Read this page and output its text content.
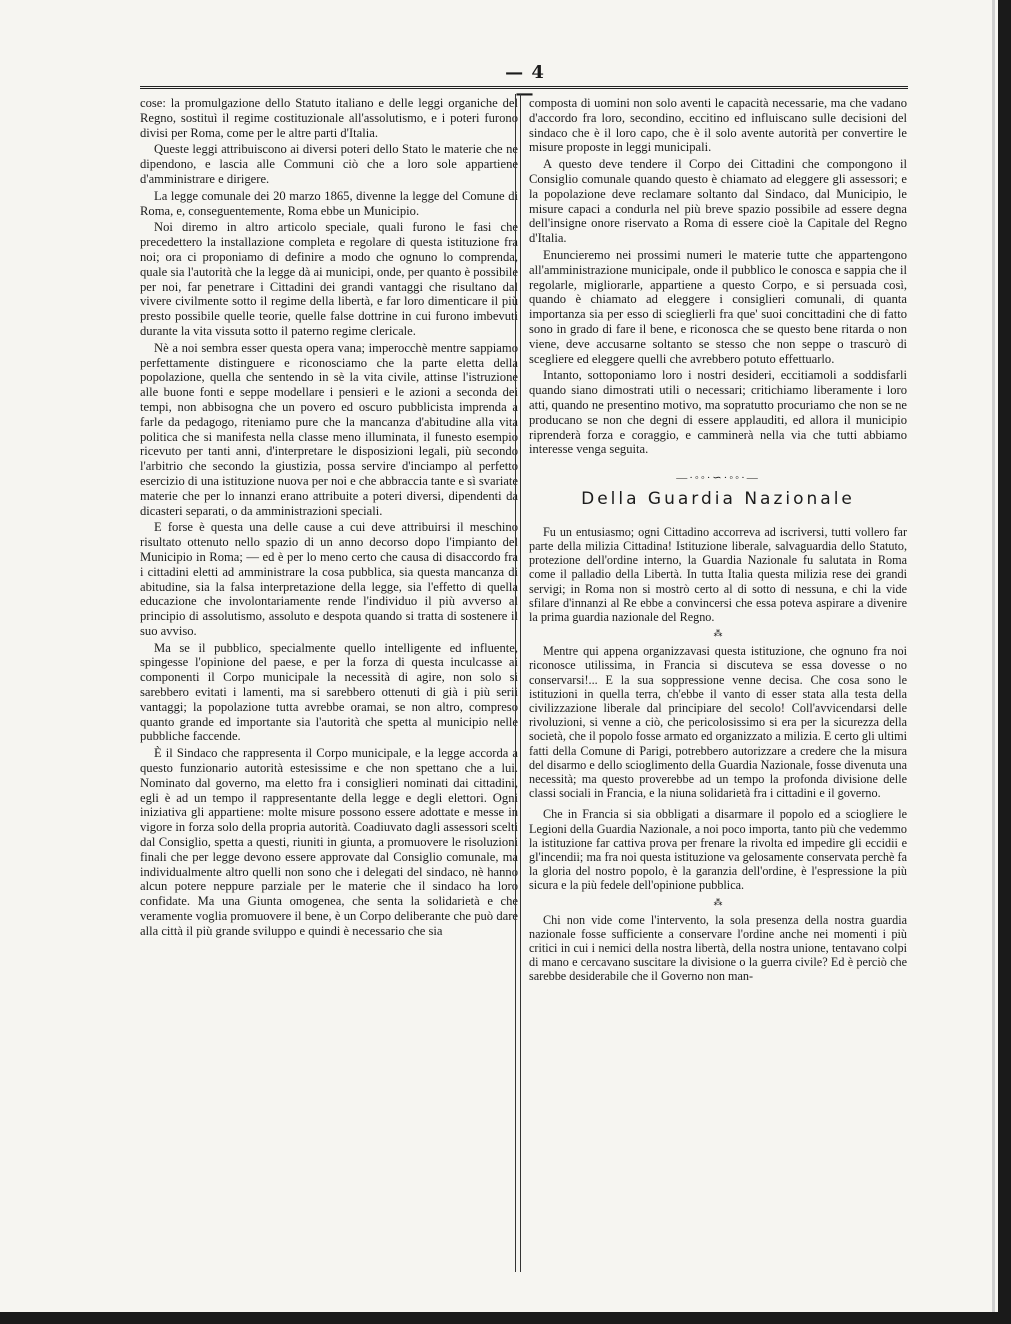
— 4 —

cose: la promulgazione dello Statuto italiano e delle leggi organiche del Regno, sostituì il regime costituzionale all'assolutismo, e i poteri furono divisi per Roma, come per le altre parti d'Italia.

Queste leggi attribuiscono ai diversi poteri dello Stato le materie che ne dipendono, e lascia alle Communi ciò che a loro sole appartiene d'amministrare e dirigere.

La legge comunale dei 20 marzo 1865, divenne la legge del Comune di Roma, e, conseguentemente, Roma ebbe un Municipio.

Noi diremo in altro articolo speciale, quali furono le fasi che precedettero la installazione completa e regolare di questa istituzione fra noi; ora ci proponiamo di definire a modo che ognuno lo comprenda, quale sia l'autorità che la legge dà ai municipi, onde, per quanto è possibile per noi, far penetrare i Cittadini dei grandi vantaggi che risultano dal vivere civilmente sotto il regime della libertà, e far loro dimenticare il più presto possibile quelle teorie, quelle false dottrine in cui furono imbevuti durante la vita vissuta sotto il paterno regime clericale.

Nè a noi sembra esser questa opera vana; imperocchè mentre sappiamo perfettamente distinguere e riconosciamo che la parte eletta della popolazione, quella che sentendo in sè la vita civile, attinse l'istruzione alle buone fonti e seppe modellare i pensieri e le azioni a seconda dei tempi, non abbisogna che un povero ed oscuro pubblicista imprenda a farle da pedagogo, riteniamo pure che la mancanza d'abitudine alla vita politica che si manifesta nella classe meno illuminata, il funesto esempio ricevuto per tanti anni, d'interpretare le disposizioni legali, più secondo l'arbitrio che secondo la giustizia, possa servire d'inciampo al perfetto esercizio di una istituzione nuova per noi e che abbraccia tante e sì svariate materie che per lo innanzi erano attribuite a poteri diversi, dipendenti da dicasteri separati, o da amministrazioni speciali.

E forse è questa una delle cause a cui deve attribuirsi il meschino risultato ottenuto nello spazio di un anno decorso dopo l'impianto del Municipio in Roma; — ed è per lo meno certo che causa di disaccordo fra i cittadini eletti ad amministrare la cosa pubblica, sia questa mancanza di abitudine, sia la falsa interpretazione della legge, sia l'effetto di quella educazione che involontariamente rende l'individuo il più avverso al principio di assolutismo, assoluto e despota quando si tratta di sostenere il suo avviso.

Ma se il pubblico, specialmente quello intelligente ed influente, spingesse l'opinione del paese, e per la forza di questa inculcasse ai componenti il Corpo municipale la necessità di agire, non solo si sarebbero evitati i lamenti, ma si sarebbero ottenuti di già i più serii vantaggi; la popolazione tutta avrebbe oramai, se non altro, compreso quanto grande ed importante sia l'autorità che spetta al municipio nelle pubbliche faccende.

È il Sindaco che rappresenta il Corpo municipale, e la legge accorda a questo funzionario autorità estesissime e che non spettano che a lui. Nominato dal governo, ma eletto fra i consiglieri nominati dai cittadini, egli è ad un tempo il rappresentante della legge e degli elettori. Ogni iniziativa gli appartiene: molte misure possono essere adottate e messe in vigore in forza solo della propria autorità. Coadiuvato dagli assessori scelti dal Consiglio, spetta a questi, riuniti in giunta, a promuovere le risoluzioni finali che per legge devono essere approvate dal Consiglio comunale, ma individualmente altro quelli non sono che i delegati del sindaco, nè hanno alcun potere neppure parziale per le materie che il sindaco ha loro confidate. Ma una Giunta omogenea, che senta la solidarietà e che veramente voglia promuovere il bene, è un Corpo deliberante che può dare alla città il più grande sviluppo e quindi è necessario che sia

composta di uomini non solo aventi le capacità necessarie, ma che vadano d'accordo fra loro, secondino, eccitino ed influiscano sulle decisioni del sindaco che è il loro capo, che è il solo avente autorità per convertire le misure proposte in leggi municipali.

A questo deve tendere il Corpo dei Cittadini che compongono il Consiglio comunale quando questo è chiamato ad eleggere gli assessori; e la popolazione deve reclamare soltanto dal Sindaco, dal Municipio, le misure capaci a condurla nel più breve spazio possibile ad essere degna dell'insigne onore riservato a Roma di essere cioè la Capitale del Regno d'Italia.

Enuncieremo nei prossimi numeri le materie tutte che appartengono all'amministrazione municipale, onde il pubblico le conosca e sappia che il regolarle, migliorarle, appartiene a questo Corpo, e si persuada così, quando è chiamato ad eleggere i consiglieri comunali, di quanta importanza sia per esso di scieglierli fra que' suoi concittadini che di fatto sono in grado di fare il bene, e riconosca che se questo bene ritarda o non viene, deve accusarne soltanto se stesso che non seppe o trascurò di scegliere ed eleggere quelli che avrebbero potuto effettuarlo.

Intanto, sottoponiamo loro i nostri desideri, eccitiamoli a soddisfarli quando siano dimostrati utili o necessari; critichiamo liberamente i loro atti, quando ne presentino motivo, ma sopratutto procuriamo che non se ne producano se non che degni di essere applauditi, ed allora il municipio riprenderà forza e coraggio, e camminerà nella via che tutti abbiamo interesse venga seguita.

—·◦◦·∽·◦◦·—
Della Guardia Nazionale

Fu un entusiasmo; ogni Cittadino accorreva ad iscriversi, tutti vollero far parte della milizia Cittadina! Istituzione liberale, salvaguardia dello Statuto, protezione dell'ordine interno, la Guardia Nazionale fu salutata in Roma come il palladio della Libertà. In tutta Italia questa milizia rese dei grandi servigi; in Roma non si mostrò certo al di sotto di nessuna, e chi la vide sfilare d'innanzi al Re ebbe a convincersi che essa poteva aspirare a divenire la prima guardia nazionale del Regno.

⁂

Mentre qui appena organizzavasi questa istituzione, che ognuno fra noi riconosce utilissima, in Francia si discuteva se essa dovesse o no conservarsi!... E la sua soppressione venne decisa. Che cosa sono le istituzioni in quella terra, ch'ebbe il vanto di esser stata alla testa della civilizzazione liberale dal principiare del secolo! Coll'avvicendarsi delle rivoluzioni, si venne a ciò, che pericolosissimo si era per la sicurezza della società, che il popolo fosse armato ed organizzato a milizia. E certo gli ultimi fatti della Comune di Parigi, potrebbero autorizzare a credere che la misura del disarmo e dello scioglimento della Guardia Nazionale, fosse divenuta una necessità; ma questo proverebbe ad un tempo la profonda divisione delle classi sociali in Francia, e la niuna solidarietà fra i cittadini e il governo.

Che in Francia si sia obbligati a disarmare il popolo ed a sciogliere le Legioni della Guardia Nazionale, a noi poco importa, tanto più che vedemmo la istituzione far cattiva prova per frenare la rivolta ed impedire gli eccidii e gl'incendii; ma fra noi questa istituzione va gelosamente conservata perchè fa la gloria del nostro popolo, è la garanzia dell'ordine, è l'espressione la più sicura e la più fedele dell'opinione pubblica.

⁂

Chi non vide come l'intervento, la sola presenza della nostra guardia nazionale fosse sufficiente a conservare l'ordine anche nei momenti i più critici in cui i nemici della nostra libertà, della nostra unione, tentavano colpi di mano e cercavano suscitare la divisione o la guerra civile? Ed è perciò che sarebbe desiderabile che il Governo non man-
